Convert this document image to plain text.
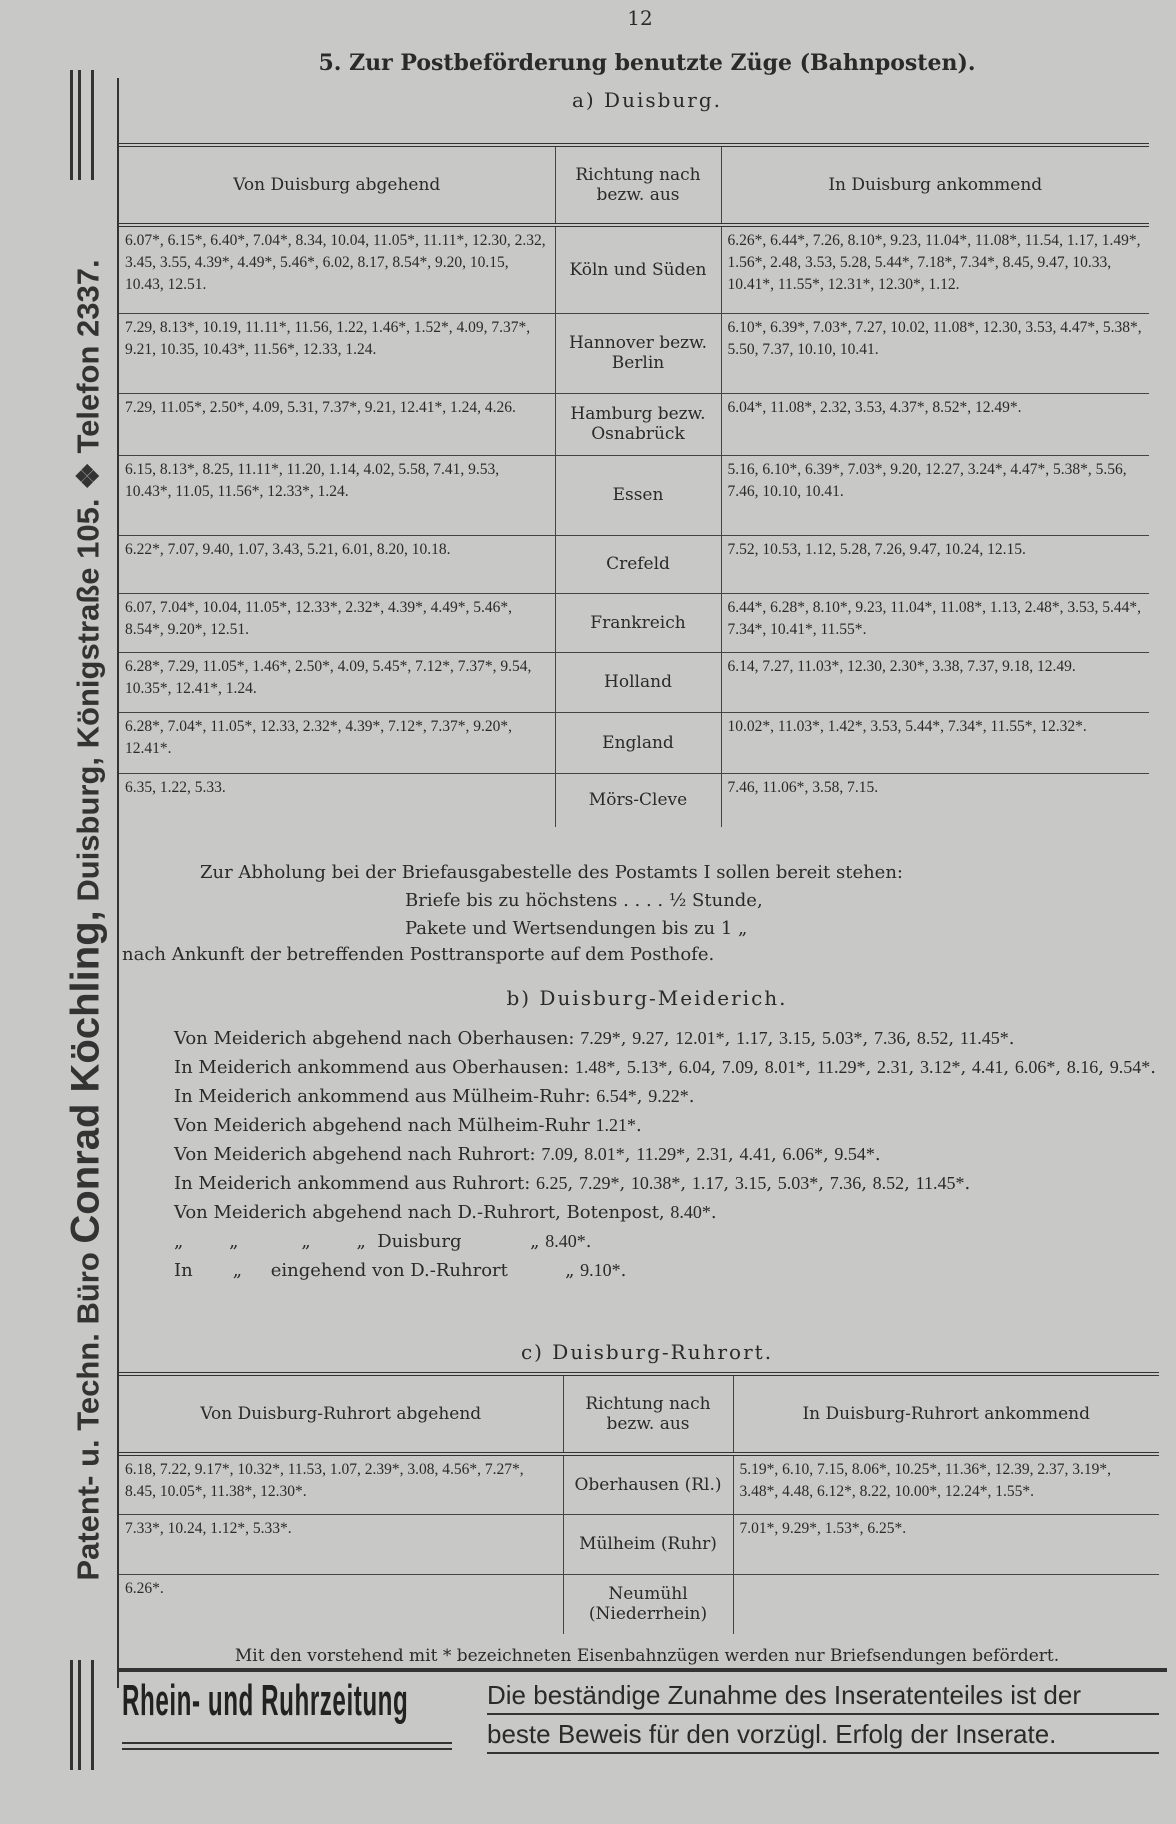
12
Patent- u. Techn. Büro Conrad Köchling, Duisburg, Königstraße 105. ❖ Telefon 2337.
5. Zur Postbeförderung benutzte Züge (Bahnposten).
a) Duisburg.
Von Duisburg abgehend	Richtung nach bezw. aus	In Duisburg ankommend
6.07*, 6.15*, 6.40*, 7.04*, 8.34, 10.04, 11.05*, 11.11*, 12.30, 2.32, 3.45, 3.55, 4.39*, 4.49*, 5.46*, 6.02, 8.17, 8.54*, 9.20, 10.15, 10.43, 12.51.	Köln und Süden	6.26*, 6.44*, 7.26, 8.10*, 9.23, 11.04*, 11.08*, 11.54, 1.17, 1.49*, 1.56*, 2.48, 3.53, 5.28, 5.44*, 7.18*, 7.34*, 8.45, 9.47, 10.33, 10.41*, 11.55*, 12.31*, 12.30*, 1.12.
7.29, 8.13*, 10.19, 11.11*, 11.56, 1.22, 1.46*, 1.52*, 4.09, 7.37*, 9.21, 10.35, 10.43*, 11.56*, 12.33, 1.24.	Hannover bezw. Berlin	6.10*, 6.39*, 7.03*, 7.27, 10.02, 11.08*, 12.30, 3.53, 4.47*, 5.38*, 5.50, 7.37, 10.10, 10.41.
7.29, 11.05*, 2.50*, 4.09, 5.31, 7.37*, 9.21, 12.41*, 1.24, 4.26.	Hamburg bezw. Osnabrück	6.04*, 11.08*, 2.32, 3.53, 4.37*, 8.52*, 12.49*.
6.15, 8.13*, 8.25, 11.11*, 11.20, 1.14, 4.02, 5.58, 7.41, 9.53, 10.43*, 11.05, 11.56*, 12.33*, 1.24.	Essen	5.16, 6.10*, 6.39*, 7.03*, 9.20, 12.27, 3.24*, 4.47*, 5.38*, 5.56, 7.46, 10.10, 10.41.
6.22*, 7.07, 9.40, 1.07, 3.43, 5.21, 6.01, 8.20, 10.18.	Crefeld	7.52, 10.53, 1.12, 5.28, 7.26, 9.47, 10.24, 12.15.
6.07, 7.04*, 10.04, 11.05*, 12.33*, 2.32*, 4.39*, 4.49*, 5.46*, 8.54*, 9.20*, 12.51.	Frankreich	6.44*, 6.28*, 8.10*, 9.23, 11.04*, 11.08*, 1.13, 2.48*, 3.53, 5.44*, 7.34*, 10.41*, 11.55*.
6.28*, 7.29, 11.05*, 1.46*, 2.50*, 4.09, 5.45*, 7.12*, 7.37*, 9.54, 10.35*, 12.41*, 1.24.	Holland	6.14, 7.27, 11.03*, 12.30, 2.30*, 3.38, 7.37, 9.18, 12.49.
6.28*, 7.04*, 11.05*, 12.33, 2.32*, 4.39*, 7.12*, 7.37*, 9.20*, 12.41*.	England	10.02*, 11.03*, 1.42*, 3.53, 5.44*, 7.34*, 11.55*, 12.32*.
6.35, 1.22, 5.33.	Mörs-Cleve	7.46, 11.06*, 3.58, 7.15.
Zur Abholung bei der Briefausgabestelle des Postamts I sollen bereit stehen:
Briefe bis zu höchstens . . . . ½ Stunde,
Pakete und Wertsendungen bis zu 1 „
nach Ankunft der betreffenden Posttransporte auf dem Posthofe.
b) Duisburg-Meiderich.
Von Meiderich abgehend nach Oberhausen: 7.29*, 9.27, 12.01*, 1.17, 3.15, 5.03*, 7.36, 8.52, 11.45*.
In Meiderich ankommend aus Oberhausen: 1.48*, 5.13*, 6.04, 7.09, 8.01*, 11.29*, 2.31, 3.12*, 4.41, 6.06*, 8.16, 9.54*.
In Meiderich ankommend aus Mülheim-Ruhr: 6.54*, 9.22*.
Von Meiderich abgehend nach Mülheim-Ruhr 1.21*.
Von Meiderich abgehend nach Ruhrort: 7.09, 8.01*, 11.29*, 2.31, 4.41, 6.06*, 9.54*.
In Meiderich ankommend aus Ruhrort: 6.25, 7.29*, 10.38*, 1.17, 3.15, 5.03*, 7.36, 8.52, 11.45*.
Von Meiderich abgehend nach D.-Ruhrort, Botenpost, 8.40*.
„        „           „        „  Duisburg            „ 8.40*.
In       „     eingehend von D.-Ruhrort          „ 9.10*.
c) Duisburg-Ruhrort.
Von Duisburg-Ruhrort abgehend	Richtung nach bezw. aus	In Duisburg-Ruhrort ankommend
6.18, 7.22, 9.17*, 10.32*, 11.53, 1.07, 2.39*, 3.08, 4.56*, 7.27*, 8.45, 10.05*, 11.38*, 12.30*.	Oberhausen (Rl.)	5.19*, 6.10, 7.15, 8.06*, 10.25*, 11.36*, 12.39, 2.37, 3.19*, 3.48*, 4.48, 6.12*, 8.22, 10.00*, 12.24*, 1.55*.
7.33*, 10.24, 1.12*, 5.33*.	Mülheim (Ruhr)	7.01*, 9.29*, 1.53*, 6.25*.
6.26*.	Neumühl (Niederrhein)	
Mit den vorstehend mit * bezeichneten Eisenbahnzügen werden nur Briefsendungen befördert.
Rhein- und Ruhrzeitung	Die beständige Zunahme des Inseratenteiles ist der
beste Beweis für den vorzügl. Erfolg der Inserate.
